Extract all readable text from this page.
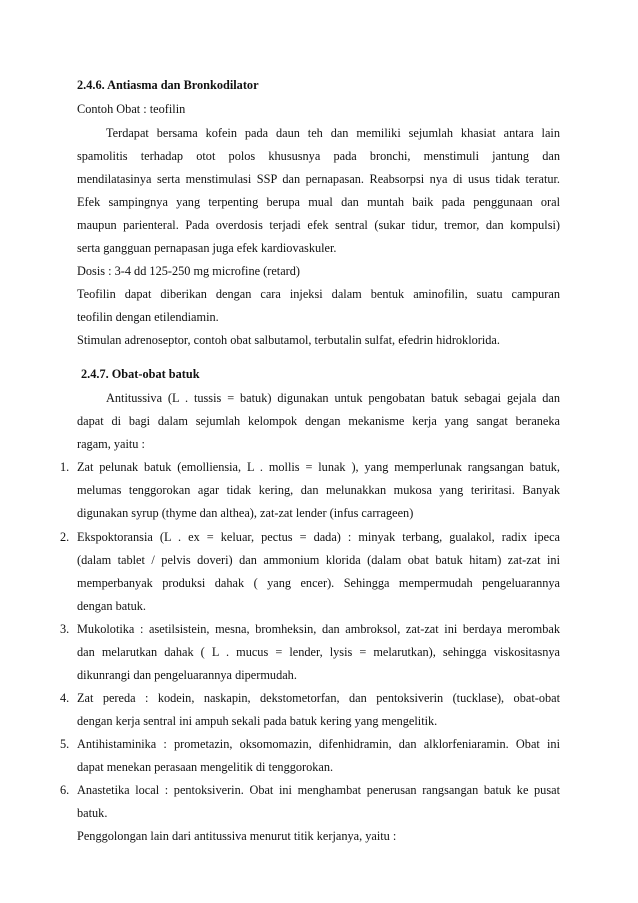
2.4.6. Antiasma dan Bronkodilator
Contoh Obat : teofilin
Terdapat bersama kofein pada daun teh dan memiliki sejumlah khasiat antara lain
spamolitis terhadap otot polos khususnya pada bronchi, menstimuli jantung dan
mendilatasinya serta menstimulasi SSP dan pernapasan. Reabsorpsi nya di usus tidak teratur.
Efek sampingnya yang terpenting berupa mual dan muntah baik pada penggunaan oral
maupun parienteral. Pada overdosis terjadi efek sentral (sukar tidur, tremor, dan kompulsi)
serta gangguan pernapasan juga efek kardiovaskuler.
Dosis : 3-4 dd 125-250 mg microfine (retard)
Teofilin dapat diberikan dengan cara injeksi dalam bentuk aminofilin, suatu campuran
teofilin dengan etilendiamin.
Stimulan adrenoseptor, contoh obat salbutamol, terbutalin sulfat, efedrin hidroklorida.
2.4.7. Obat-obat batuk
Antitussiva (L . tussis = batuk) digunakan untuk pengobatan batuk sebagai gejala dan
dapat di bagi dalam sejumlah kelompok dengan mekanisme kerja yang sangat beraneka
ragam, yaitu :
1. Zat pelunak batuk (emolliensia, L . mollis = lunak ), yang memperlunak rangsangan batuk,
melumas tenggorokan agar tidak kering, dan melunakkan mukosa yang teriritasi. Banyak
digunakan syrup (thyme dan althea), zat-zat lender (infus carrageen)
2. Ekspoktoransia (L . ex = keluar, pectus = dada) : minyak terbang, gualakol, radix ipeca
(dalam tablet / pelvis doveri) dan ammonium klorida (dalam obat batuk hitam) zat-zat ini
memperbanyak produksi dahak ( yang encer). Sehingga mempermudah pengeluarannya
dengan batuk.
3. Mukolotika : asetilsistein, mesna, bromheksin, dan ambroksol, zat-zat ini berdaya merombak
dan melarutkan dahak ( L . mucus = lender, lysis = melarutkan), sehingga viskositasnya
dikunrangi dan pengeluarannya dipermudah.
4. Zat pereda : kodein, naskapin, dekstometorfan, dan pentoksiverin (tucklase), obat-obat
dengan kerja sentral ini ampuh sekali pada batuk kering yang mengelitik.
5. Antihistaminika : prometazin, oksomomazin, difenhidramin, dan alklorfeniaramin. Obat ini
dapat menekan perasaan mengelitik di tenggorokan.
6. Anastetika local : pentoksiverin. Obat ini menghambat penerusan rangsangan batuk ke pusat
batuk.
Penggolongan lain dari antitussiva menurut titik kerjanya, yaitu :
